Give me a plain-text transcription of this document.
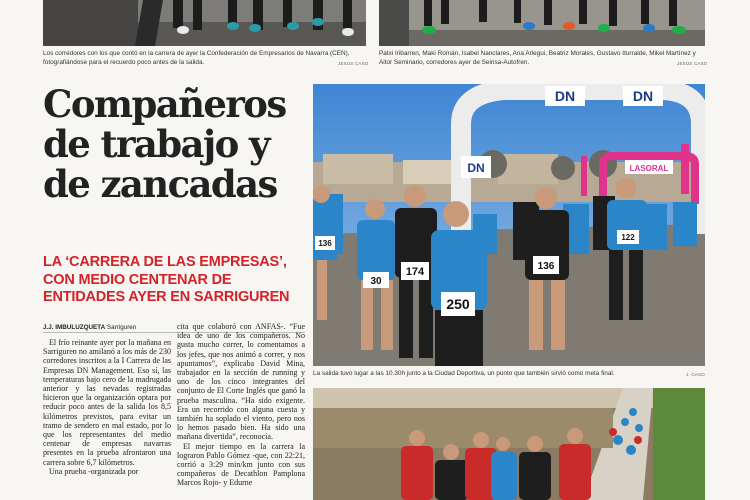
Los corredores con los que contó en la carrera de ayer la Confederación de Empresarios de Navarra (CEN), fotografiándose para el recuerdo poco antes de la salida.	JESÚS CASO
Patxi Iribarren, Maki Román, Isabel Nanclares, Ana Arlegui, Beatriz Morales, Gustavo Iturralde, Mikel Martínez y Aitor Seminario, corredores ayer de Seinsa-Autofren.	JESÚS CASO
Compañeros de trabajo y de zancadas
LA ‘CARRERA DE LAS EMPRESAS’, CON MEDIO CENTENAR DE ENTIDADES AYER EN SARRIGUREN
J.J. IMBULUZQUETA Sarriguren

El frío reinante ayer por la mañana en Sarriguren no amilanó a los más de 230 corredores inscritos a la I Carrera de las Empresas DN Management. Eso sí, las temperaturas bajo cero de la madrugada anterior y las nevadas registradas hicieron que la organización optara por reducir poco antes de la salida los 8,5 kilómetros previstos, para evitar un tramo de sendero en mal estado, por lo que los representantes del medio centenar de empresas navarras presentes en la prueba afrontaron una carrera sobre 6,7 kilómetros.

Una prueba -organizada por

cita que colaboró con ANFAS-. “Fue idea de uno de los compañeros. No gusta mucho correr, lo comentamos a los jefes, que nos animó a correr, y nos apuntamos”, explicaba David Mina, trabajador en la sección de running y uno de los cinco integrantes del conjunto de El Corte Inglés que ganó la prueba masculina. “Ha sido exigente. Era un recorrido con alguna cuesta y también ha soplado el viento, pero nos lo hemos pasado bien. Ha sido una mañana divertida”, reconocía.

El mejor tiempo en la carrera la lograron Pablo Gómez -que, con 22:21, corrió a 3:29 min/km junto con sus compañeros de Decathlon Pamplona Marcos Rojo- y Edurne

DN	DN
DN	LASORAL
136
30
174
250
136
122
La salida tuvo lugar a las 10.30h junto a la Ciudad Deportiva, un punto que también sirvió como meta final.	J. CASO
